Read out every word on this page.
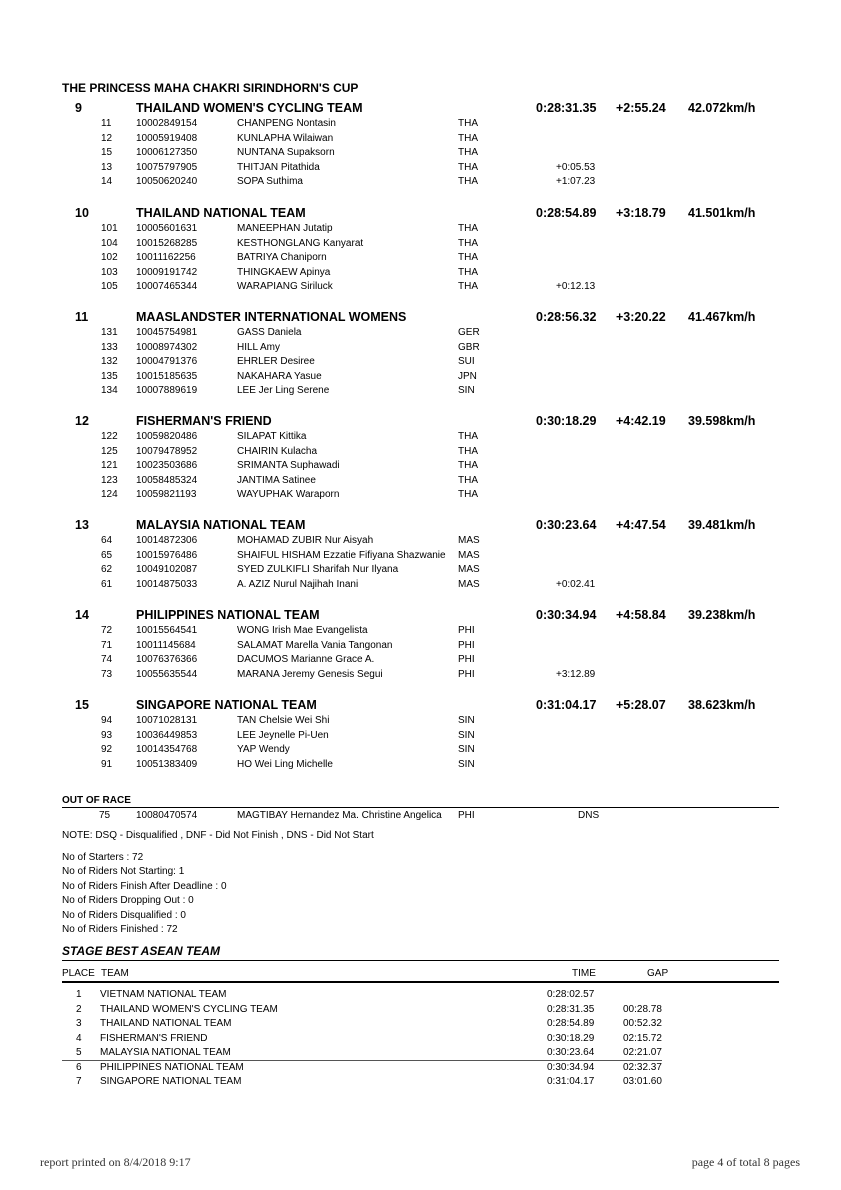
THE PRINCESS MAHA CHAKRI SIRINDHORN'S CUP
9	THAILAND WOMEN'S CYCLING TEAM	0:28:31.35 +2:55.24 42.072km/h
11 10002849154	CHANPENG Nontasin	THA
12 10005919408	KUNLAPHA Wilaiwan	THA
15 10006127350	NUNTANA Supaksorn	THA
13 10075797905	THITJAN Pitathida	THA	+0:05.53
14 10050620240	SOPA Suthima	THA	+1:07.23
10	THAILAND NATIONAL TEAM	0:28:54.89 +3:18.79 41.501km/h
101 10005601631	MANEEPHAN Jutatip	THA
104 10015268285	KESTHONGLANG Kanyarat	THA
102 10011162256	BATRIYA Chaniporn	THA
103 10009191742	THINGKAEW Apinya	THA
105 10007465344	WARAPIANG Siriluck	THA	+0:12.13
11	MAASLANDSTER INTERNATIONAL WOMENS	0:28:56.32 +3:20.22 41.467km/h
131 10045754981	GASS Daniela	GER
133 10008974302	HILL Amy	GBR
132 10004791376	EHRLER Desiree	SUI
135 10015185635	NAKAHARA Yasue	JPN
134 10007889619	LEE Jer Ling Serene	SIN
12	FISHERMAN'S FRIEND	0:30:18.29 +4:42.19 39.598km/h
122 10059820486	SILAPAT Kittika	THA
125 10079478952	CHAIRIN Kulacha	THA
121 10023503686	SRIMANTA Suphawadi	THA
123 10058485324	JANTIMA Satinee	THA
124 10059821193	WAYUPHAK Waraporn	THA
13	MALAYSIA NATIONAL TEAM	0:30:23.64 +4:47.54 39.481km/h
64 10014872306	MOHAMAD ZUBIR Nur Aisyah	MAS
65 10015976486	SHAIFUL HISHAM Ezzatie Fifiyana Shazwanie MAS
62 10049102087	SYED ZULKIFLI Sharifah Nur Ilyana	MAS
61 10014875033	A. AZIZ Nurul Najihah Inani	MAS	+0:02.41
14	PHILIPPINES NATIONAL TEAM	0:30:34.94 +4:58.84 39.238km/h
72 10015564541	WONG Irish Mae Evangelista	PHI
71 10011145684	SALAMAT Marella Vania Tangonan	PHI
74 10076376366	DACUMOS Marianne Grace A.	PHI
73 10055635544	MARANA Jeremy Genesis Segui	PHI	+3:12.89
15	SINGAPORE NATIONAL TEAM	0:31:04.17 +5:28.07 38.623km/h
94 10071028131	TAN Chelsie Wei Shi	SIN
93 10036449853	LEE Jeynelle Pi-Uen	SIN
92 10014354768	YAP Wendy	SIN
91 10051383409	HO Wei Ling Michelle	SIN
OUT OF RACE
75	10080470574	MAGTIBAY Hernandez Ma. Christine Angelica PHI	DNS
NOTE: DSQ - Disqualified , DNF - Did Not Finish , DNS - Did Not Start
No of Starters : 72
No of Riders Not Starting: 1
No of Riders Finish After Deadline : 0
No of Riders Dropping Out : 0
No of Riders Disqualified : 0
No of Riders Finished : 72
STAGE BEST ASEAN TEAM
PLACE TEAM	TIME	GAP
1 VIETNAM NATIONAL TEAM	0:28:02.57
2 THAILAND WOMEN'S CYCLING TEAM	0:28:31.35	00:28.78
3 THAILAND NATIONAL TEAM	0:28:54.89	00:52.32
4 FISHERMAN'S FRIEND	0:30:18.29	02:15.72
5 MALAYSIA NATIONAL TEAM	0:30:23.64	02:21.07
6 PHILIPPINES NATIONAL TEAM	0:30:34.94	02:32.37
7 SINGAPORE NATIONAL TEAM	0:31:04.17	03:01.60
report printed on 8/4/2018 9:17	page 4 of total 8 pages
